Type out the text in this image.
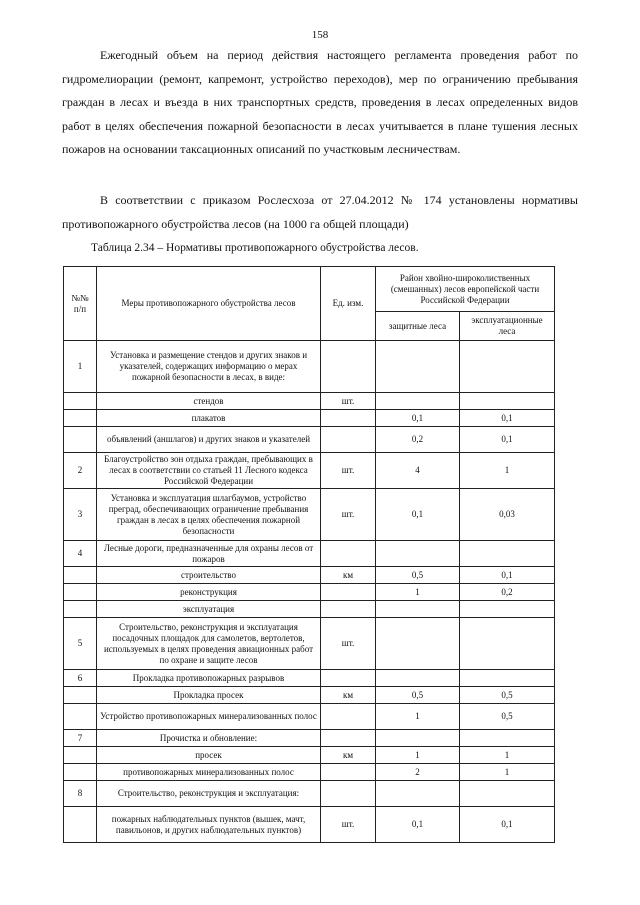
158

Ежегодный объем на период действия настоящего регламента проведения работ по гидромелиорации (ремонт, капремонт, устройство переходов), мер по ограничению пребывания граждан в лесах и въезда в них транспортных средств, проведения в лесах определенных видов работ в целях обеспечения пожарной безопасности в лесах учитывается в плане тушения лесных пожаров на основании таксационных описаний по участковым лесничествам.

В соответствии с приказом Рослесхоза от 27.04.2012 № 174 установлены нормативы противопожарного обустройства лесов (на 1000 га общей площади)

Таблица 2.34 – Нормативы противопожарного обустройства лесов.

№№ п/п	Меры противопожарного обустройства лесов	Ед. изм.	Район хвойно-широколиственных (смешанных) лесов европейской части Российской Федерации	
			защитные леса	эксплуатационные леса
1	Установка и размещение стендов и других знаков и указателей, содержащих информацию о мерах пожарной безопасности в лесах, в виде:			
	стендов	шт.		
	плакатов		0,1	0,1
	объявлений (аншлагов) и других знаков и указателей		0,2	0,1
2	Благоустройство зон отдыха граждан, пребывающих в лесах в соответствии со статьей 11 Лесного кодекса Российской Федерации	шт.	4	1
3	Установка и эксплуатация шлагбаумов, устройство преград, обеспечивающих ограничение пребывания граждан в лесах в целях обеспечения пожарной безопасности	шт.	0,1	0,03
4	Лесные дороги, предназначенные для охраны лесов от пожаров			
	строительство	км	0,5	0,1
	реконструкция		1	0,2
	эксплуатация			
5	Строительство, реконструкция и эксплуатация посадочных площадок для самолетов, вертолетов, используемых в целях проведения авиационных работ по охране и защите лесов	шт.		
6	Прокладка противопожарных разрывов			
	Прокладка просек	км	0,5	0,5
	Устройство противопожарных минерализованных полос		1	0,5
7	Прочистка и обновление:			
	просек	км	1	1
	противопожарных минерализованных полос		2	1
8	Строительство, реконструкция и эксплуатация:			
	пожарных наблюдательных пунктов (вышек, мачт, павильонов, и других наблюдательных пунктов)	шт.	0,1	0,1
